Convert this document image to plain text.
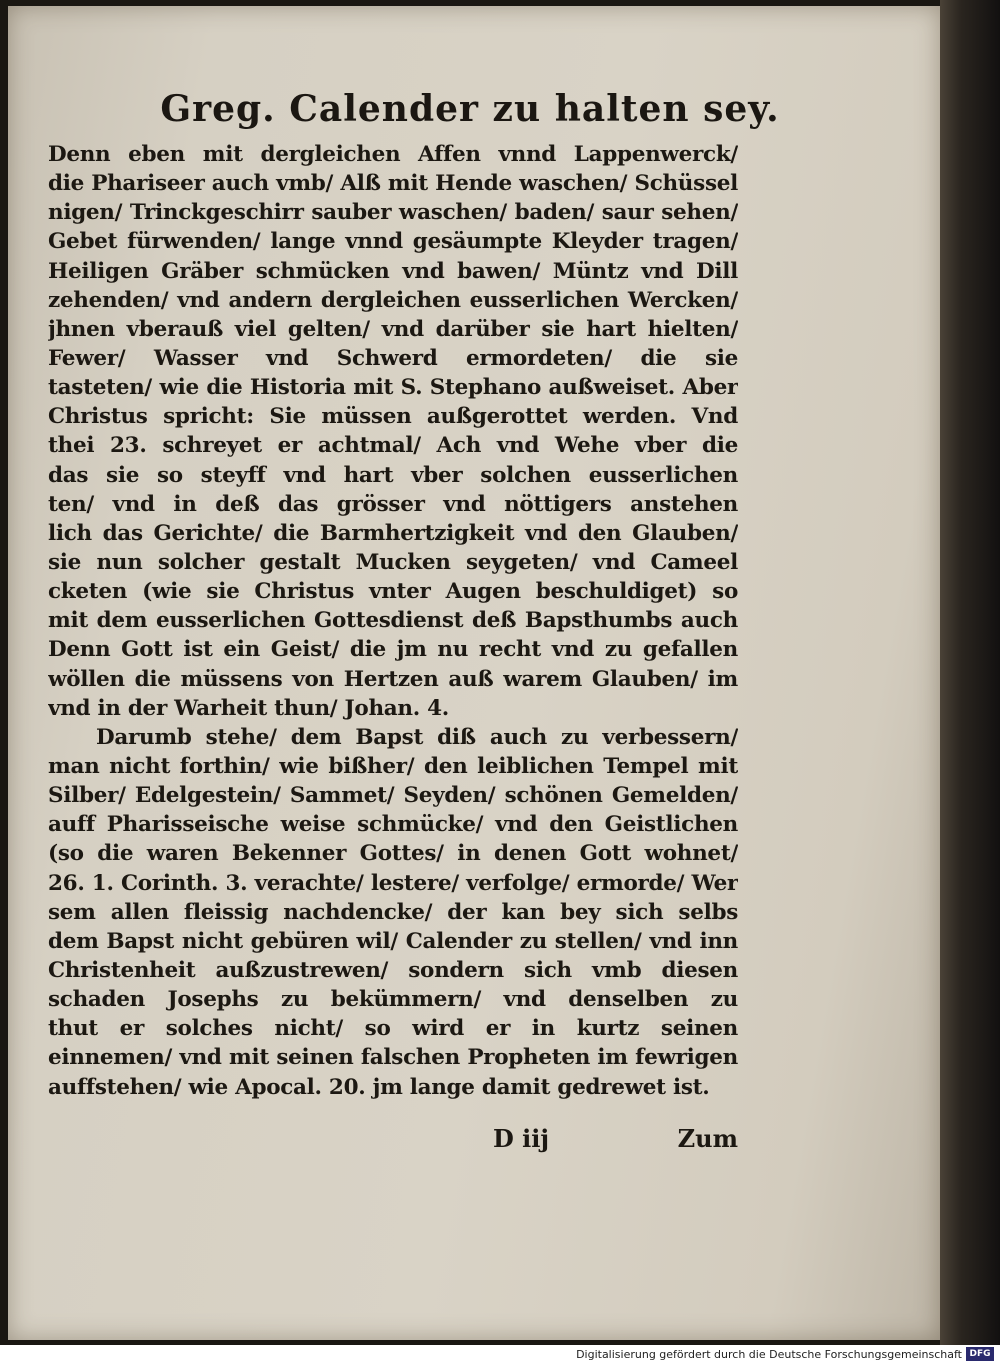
Greg. Calender zu halten sey.
Denn eben mit dergleichen Affen vnnd Lappenwerck/
die Phariseer auch vmb/ Alß mit Hende waschen/ Schüssel
nigen/ Trinckgeschirr sauber waschen/ baden/ saur sehen/
Gebet fürwenden/ lange vnnd gesäumpte Kleyder tragen/
Heiligen Gräber schmücken vnd bawen/ Müntz vnd Dill
zehenden/ vnd andern dergleichen eusserlichen Wercken/
jhnen vberauß viel gelten/ vnd darüber sie hart hielten/
Fewer/ Wasser vnd Schwerd ermordeten/ die sie
tasteten/ wie die Historia mit S. Stephano außweiset. Aber
Christus spricht: Sie müssen außgerottet werden. Vnd
thei 23. schreyet er achtmal/ Ach vnd Wehe vber die
das sie so steyff vnd hart vber solchen eusserlichen
ten/ vnd in deß das grösser vnd nöttigers anstehen
lich das Gerichte/ die Barmhertzigkeit vnd den Glauben/
sie nun solcher gestalt Mucken seygeten/ vnd Cameel
cketen (wie sie Christus vnter Augen beschuldiget) so
mit dem eusserlichen Gottesdienst deß Bapsthumbs auch
Denn Gott ist ein Geist/ die jm nu recht vnd zu gefallen
wöllen die müssens von Hertzen auß warem Glauben/ im
vnd in der Warheit thun/ Johan. 4.
Darumb stehe/ dem Bapst diß auch zu verbessern/
man nicht forthin/ wie bißher/ den leiblichen Tempel mit
Silber/ Edelgestein/ Sammet/ Seyden/ schönen Gemelden/
auff Pharisseische weise schmücke/ vnd den Geistlichen
(so die waren Bekenner Gottes/ in denen Gott wohnet/
26. 1. Corinth. 3. verachte/ lestere/ verfolge/ ermorde/ Wer
sem allen fleissig nachdencke/ der kan bey sich selbs
dem Bapst nicht gebüren wil/ Calender zu stellen/ vnd inn
Christenheit außzustrewen/ sondern sich vmb diesen
schaden Josephs zu bekümmern/ vnd denselben zu
thut er solches nicht/ so wird er in kurtz seinen
einnemen/ vnd mit seinen falschen Propheten im fewrigen
auffstehen/ wie Apocal. 20. jm lange damit gedrewet ist.
D iij	Zum
Digitalisierung gefördert durch die Deutsche Forschungsgemeinschaft DFG
